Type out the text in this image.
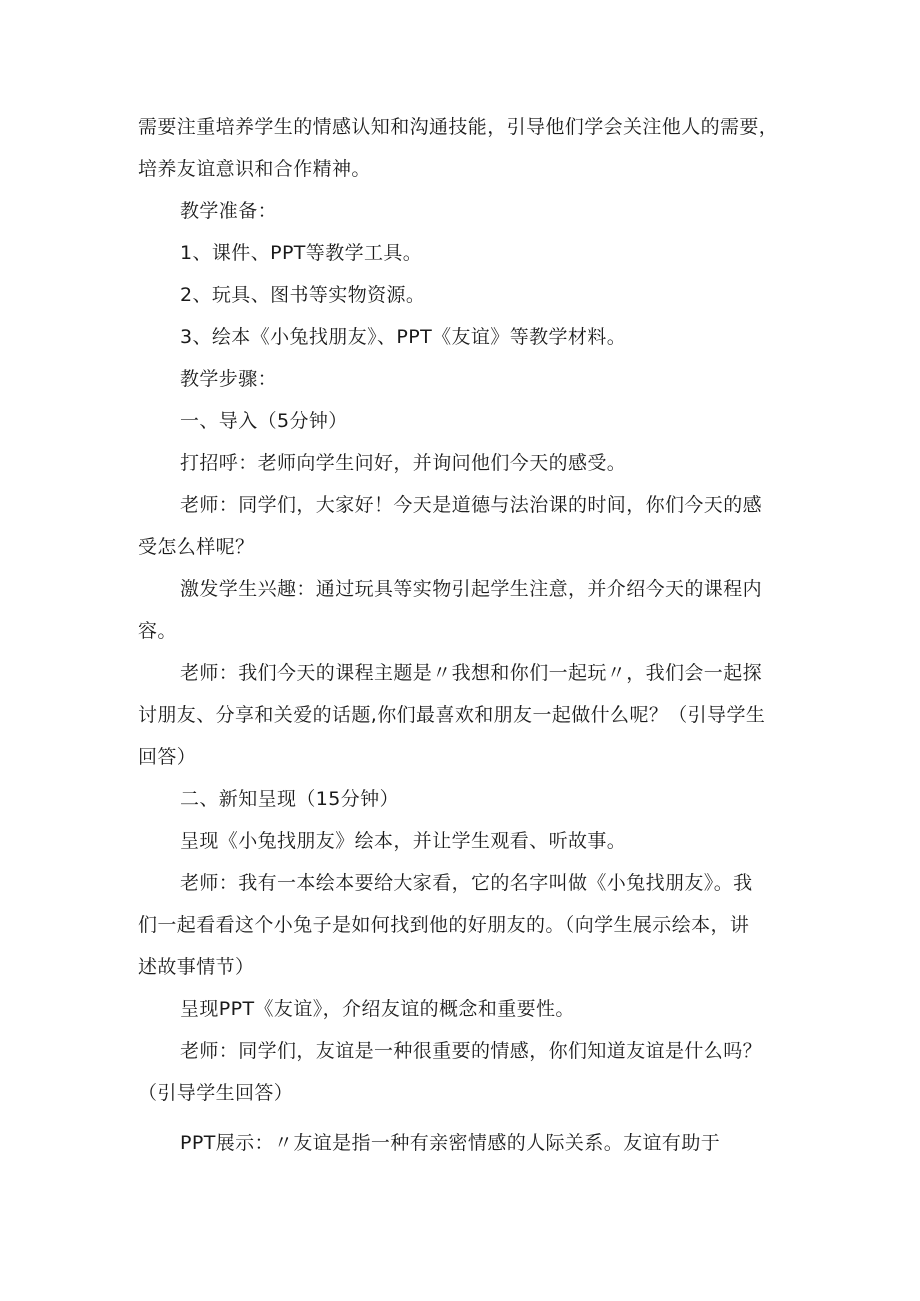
需要注重培养学生的情感认知和沟通技能，引导他们学会关注他人的需要，
培养友谊意识和合作精神。
教学准备：
1、课件、PPT等教学工具。
2、玩具、图书等实物资源。
3、绘本《小兔找朋友》、PPT《友谊》等教学材料。
教学步骤：
一、导入（5分钟）
打招呼：老师向学生问好，并询问他们今天的感受。
老师：同学们，大家好！今天是道德与法治课的时间，你们今天的感
受怎么样呢？
激发学生兴趣：通过玩具等实物引起学生注意，并介绍今天的课程内
容。
老师：我们今天的课程主题是〃我想和你们一起玩〃，我们会一起探
讨朋友、分享和关爱的话题,你们最喜欢和朋友一起做什么呢？（引导学生
回答）
二、新知呈现（15分钟）
呈现《小兔找朋友》绘本，并让学生观看、听故事。
老师：我有一本绘本要给大家看，它的名字叫做《小兔找朋友》。我
们一起看看这个小兔子是如何找到他的好朋友的。（向学生展示绘本，讲
述故事情节）
呈现PPT《友谊》，介绍友谊的概念和重要性。
老师：同学们，友谊是一种很重要的情感，你们知道友谊是什么吗？
（引导学生回答）
PPT展示：〃友谊是指一种有亲密情感的人际关系。友谊有助于
